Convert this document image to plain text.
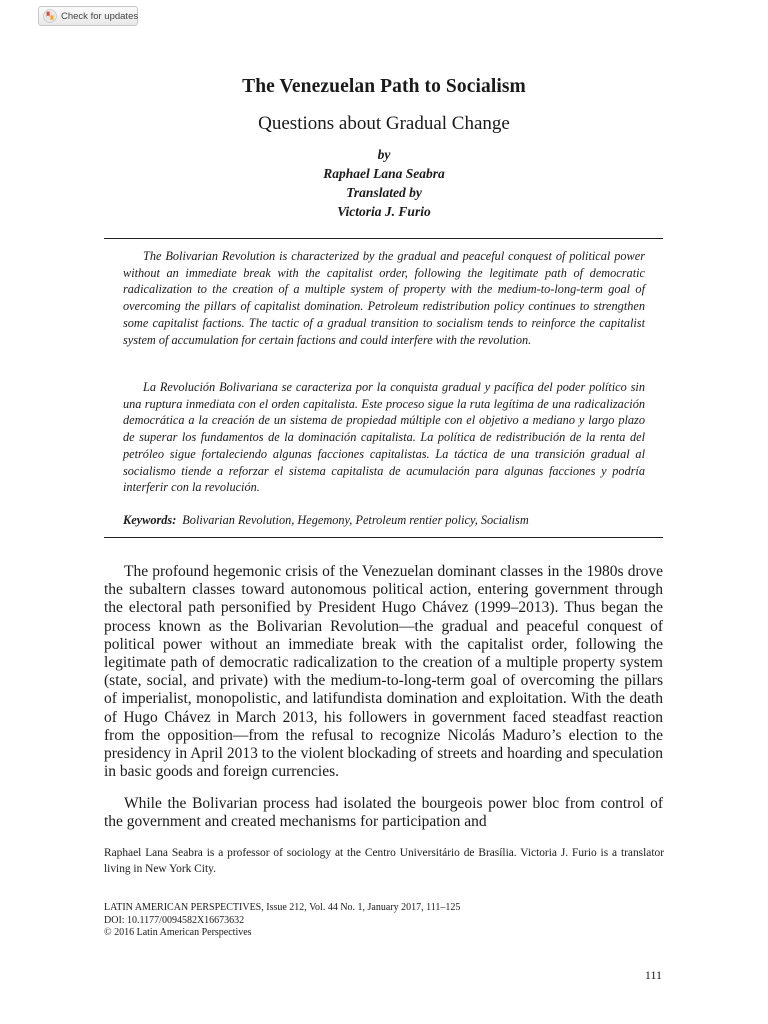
Check for updates
The Venezuelan Path to Socialism
Questions about Gradual Change
by
Raphael Lana Seabra
Translated by
Victoria J. Furio

The Bolivarian Revolution is characterized by the gradual and peaceful conquest of political power without an immediate break with the capitalist order, following the legitimate path of democratic radicalization to the creation of a multiple system of property with the medium-to-long-term goal of overcoming the pillars of capitalist domination. Petroleum redistribution policy continues to strengthen some capitalist factions. The tactic of a gradual transition to socialism tends to reinforce the capitalist system of accumulation for certain factions and could interfere with the revolution.

La Revolución Bolivariana se caracteriza por la conquista gradual y pacífica del poder político sin una ruptura inmediata con el orden capitalista. Este proceso sigue la ruta legítima de una radicalización democrática a la creación de un sistema de propiedad múltiple con el objetivo a mediano y largo plazo de superar los fundamentos de la dominación capitalista. La política de redistribución de la renta del petróleo sigue fortaleciendo algunas facciones capitalistas. La táctica de una transición gradual al socialismo tiende a reforzar el sistema capitalista de acumulación para algunas facciones y podría interferir con la revolución.

Keywords: Bolivarian Revolution, Hegemony, Petroleum rentier policy, Socialism

The profound hegemonic crisis of the Venezuelan dominant classes in the 1980s drove the subaltern classes toward autonomous political action, entering government through the electoral path personified by President Hugo Chávez (1999–2013). Thus began the process known as the Bolivarian Revolution—the gradual and peaceful conquest of political power without an immediate break with the capitalist order, following the legitimate path of democratic radicalization to the creation of a multiple property system (state, social, and private) with the medium-to-long-term goal of overcoming the pillars of imperialist, monopolistic, and latifundista domination and exploitation. With the death of Hugo Chávez in March 2013, his followers in government faced steadfast reaction from the opposition—from the refusal to recognize Nicolás Maduro’s election to the presidency in April 2013 to the violent blockading of streets and hoarding and speculation in basic goods and foreign currencies.

While the Bolivarian process had isolated the bourgeois power bloc from control of the government and created mechanisms for participation and

Raphael Lana Seabra is a professor of sociology at the Centro Universitário de Brasília. Victoria J. Furio is a translator living in New York City.

LATIN AMERICAN PERSPECTIVES, Issue 212, Vol. 44 No. 1, January 2017, 111–125
DOI: 10.1177/0094582X16673632
© 2016 Latin American Perspectives
111
